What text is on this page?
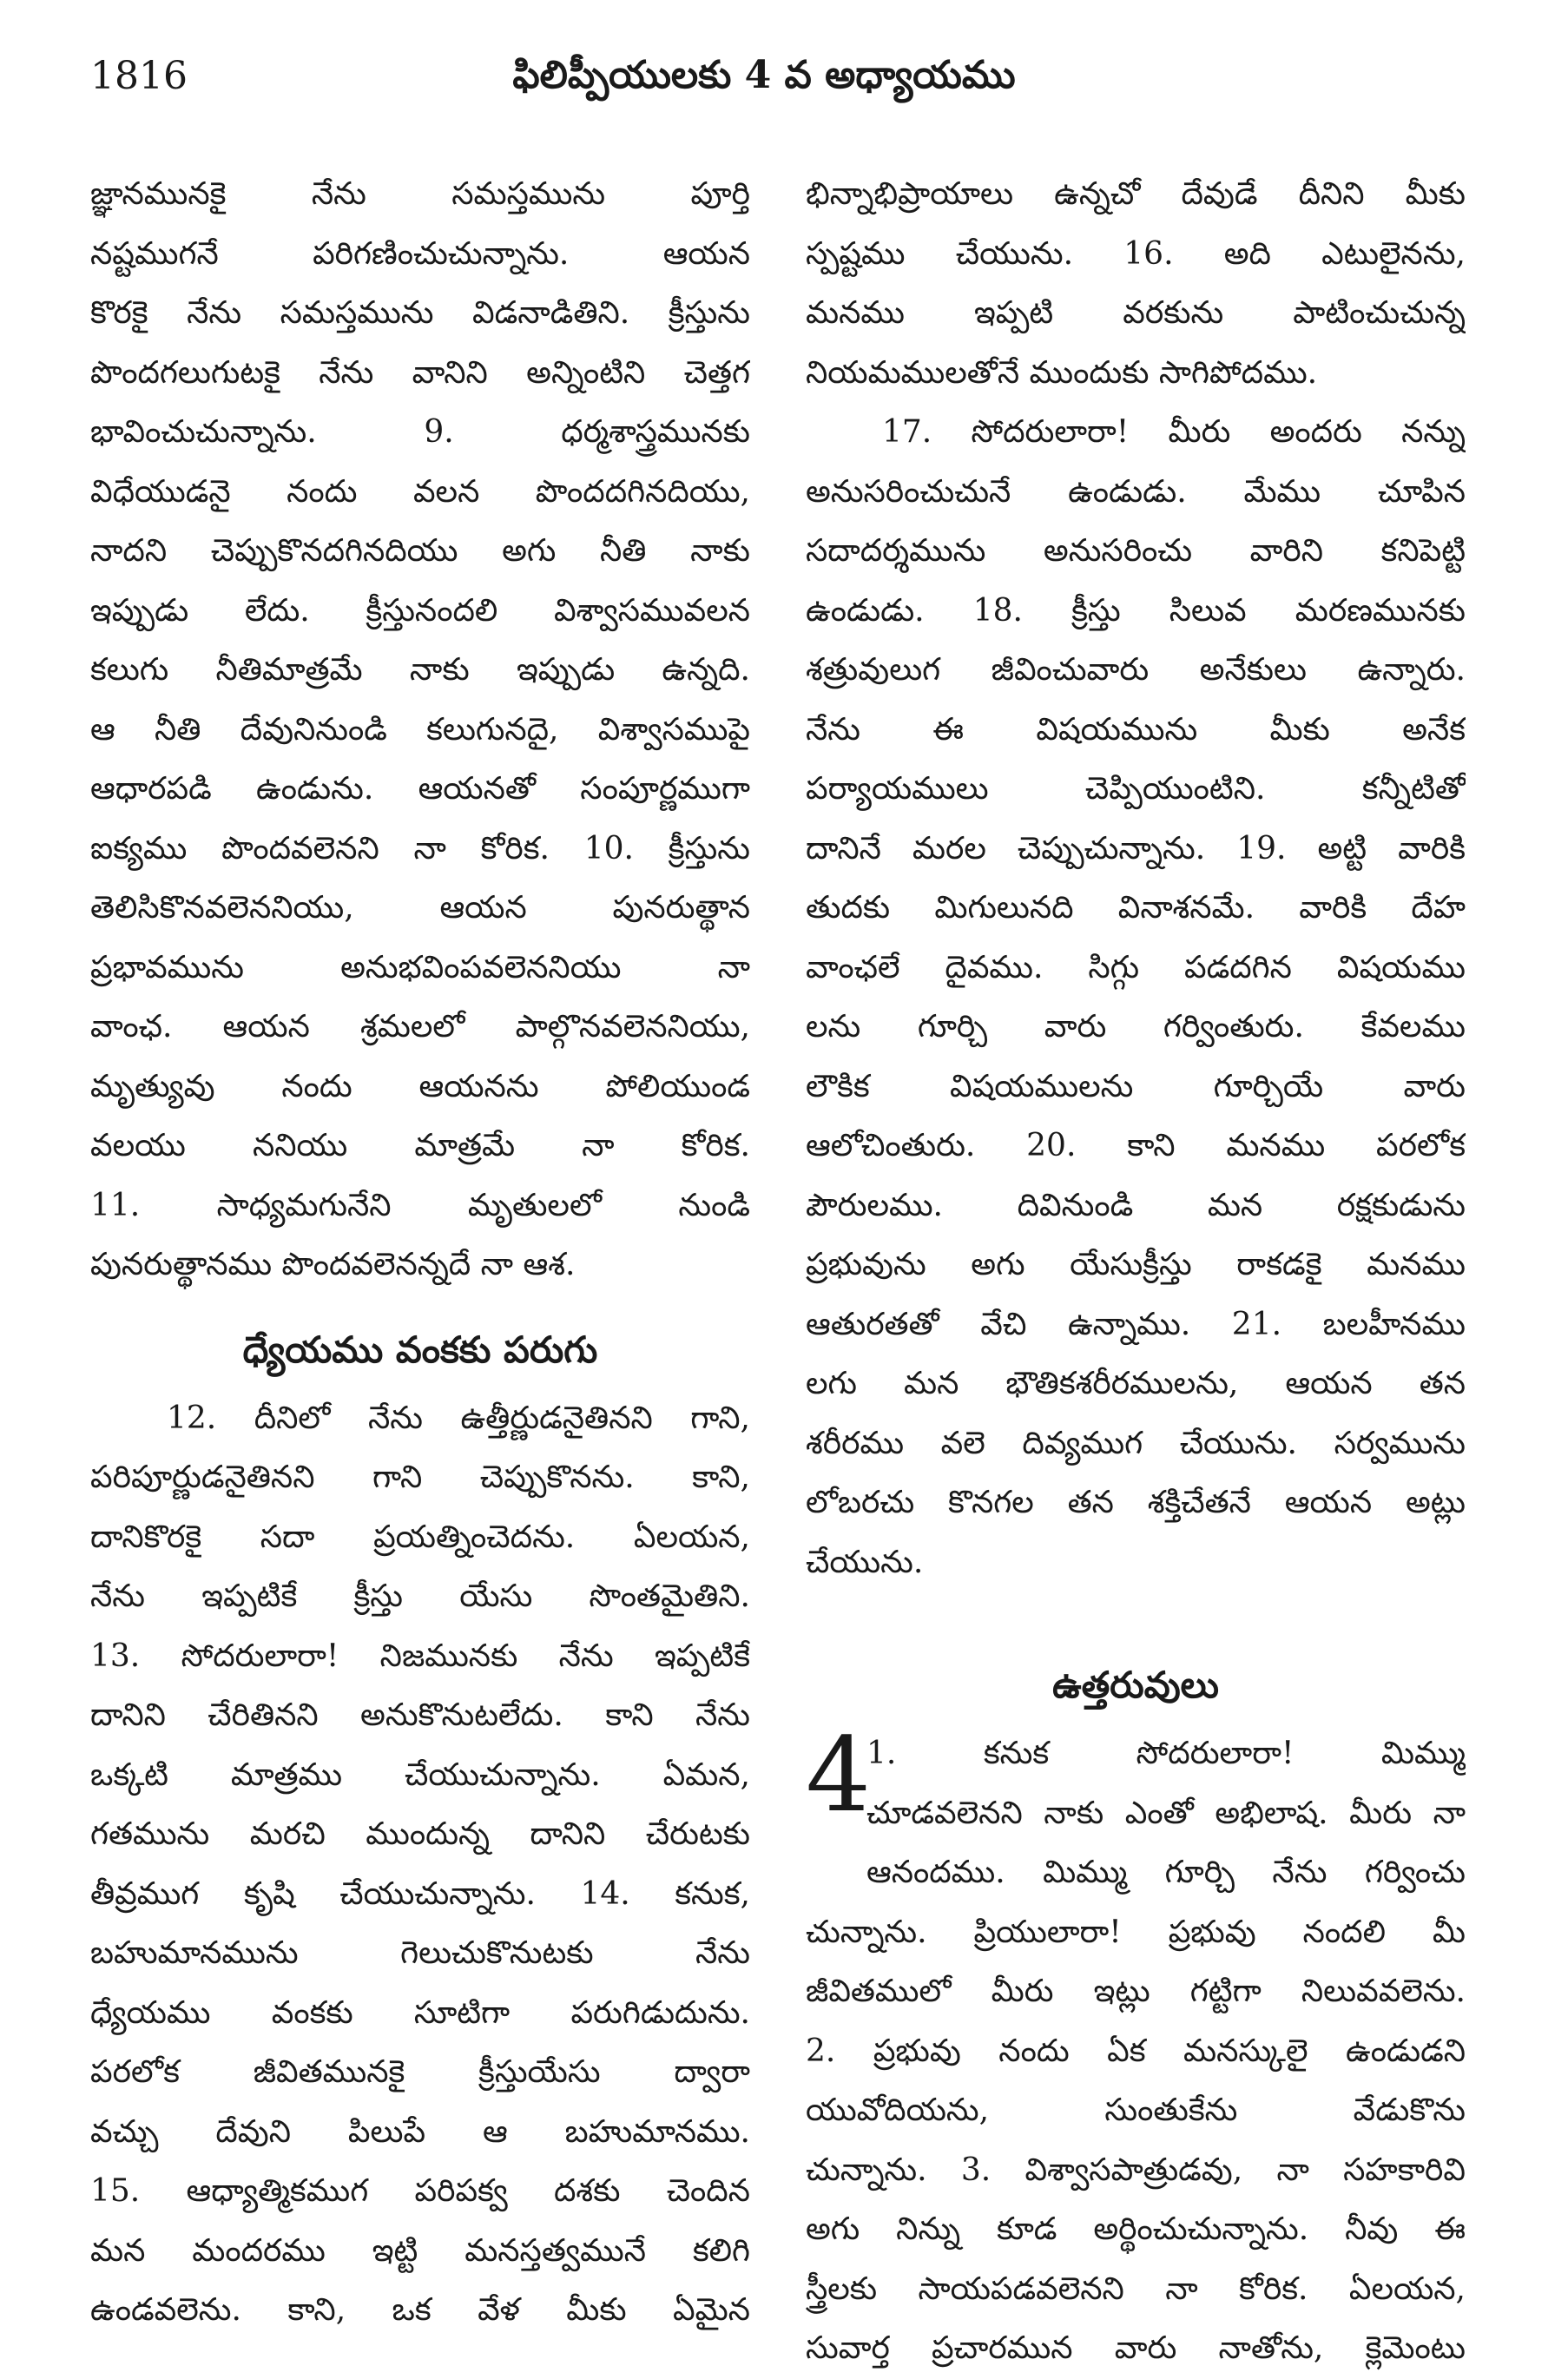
1816	ఫిలిప్పీయులకు 4 వ అధ్యాయము
జ్ఞానమునకై నేను సమస్తమును పూర్తి
నష్టముగనే పరిగణించుచున్నాను. ఆయన
కొరకై నేను సమస్తమును విడనాడితిని. క్రీస్తును
పొందగలుగుటకై నేను వానిని అన్నింటిని చెత్తగ
భావించుచున్నాను. 9. ధర్మశాస్త్రమునకు
విధేయుడనై నందు వలన పొందదగినదియు,
నాదని చెప్పుకొనదగినదియు అగు నీతి నాకు
ఇప్పుడు లేదు. క్రీస్తునందలి విశ్వాసమువలన
కలుగు నీతిమాత్రమే నాకు ఇప్పుడు ఉన్నది.
ఆ నీతి దేవునినుండి కలుగునదై, విశ్వాసముపై
ఆధారపడి ఉండును. ఆయనతో సంపూర్ణముగా
ఐక్యము పొందవలెనని నా కోరిక. 10. క్రీస్తును
తెలిసికొనవలెననియు, ఆయన పునరుత్థాన
ప్రభావమును అనుభవింపవలెననియు నా
వాంఛ. ఆయన శ్రమలలో పాల్గొనవలెననియు,
మృత్యువు నందు ఆయనను పోలియుండ
వలయు ననియు మాత్రమే నా కోరిక.
11. సాధ్యమగునేని మృతులలో నుండి
పునరుత్థానము పొందవలెనన్నదే నా ఆశ.
ధ్యేయము వంకకు పరుగు
12. దీనిలో నేను ఉత్తీర్ణుడనైతినని గాని,
పరిపూర్ణుడనైతినని గాని చెప్పుకొనను. కాని,
దానికొరకై సదా ప్రయత్నించెదను. ఏలయన,
నేను ఇప్పటికే క్రీస్తు యేసు సొంతమైతిని.
13. సోదరులారా! నిజమునకు నేను ఇప్పటికే
దానిని చేరితినని అనుకొనుటలేదు. కాని నేను
ఒక్కటి మాత్రము చేయుచున్నాను. ఏమన,
గతమును మరచి ముందున్న దానిని చేరుటకు
తీవ్రముగ కృషి చేయుచున్నాను. 14. కనుక,
బహుమానమును గెలుచుకొనుటకు నేను
ధ్యేయము వంకకు సూటిగా పరుగిడుదును.
పరలోక జీవితమునకై క్రీస్తుయేసు ద్వారా
వచ్చు దేవుని పిలుపే ఆ బహుమానము.
15. ఆధ్యాత్మికముగ పరిపక్వ దశకు చెందిన
మన మందరము ఇట్టి మనస్తత్వమునే కలిగి
ఉండవలెను. కాని, ఒక వేళ మీకు ఏమైన
భిన్నాభిప్రాయాలు ఉన్నచో దేవుడే దీనిని మీకు
స్పష్టము చేయును. 16. అది ఎటులైనను,
మనము ఇప్పటి వరకును పాటించుచున్న
నియమములతోనే ముందుకు సాగిపోదము.
17. సోదరులారా! మీరు అందరు నన్ను
అనుసరించుచునే ఉండుడు. మేము చూపిన
సదాదర్శమును అనుసరించు వారిని కనిపెట్టి
ఉండుడు. 18. క్రీస్తు సిలువ మరణమునకు
శత్రువులుగ జీవించువారు అనేకులు ఉన్నారు.
నేను ఈ విషయమును మీకు అనేక
పర్యాయములు చెప్పియుంటిని. కన్నీటితో
దానినే మరల చెప్పుచున్నాను. 19. అట్టి వారికి
తుదకు మిగులునది వినాశనమే. వారికి దేహ
వాంఛలే దైవము. సిగ్గు పడదగిన విషయము
లను గూర్చి వారు గర్వింతురు. కేవలము
లౌకిక విషయములను గూర్చియే వారు
ఆలోచింతురు. 20. కాని మనము పరలోక
పౌరులము. దివినుండి మన రక్షకుడును
ప్రభువును అగు యేసుక్రీస్తు రాకడకై మనము
ఆతురతతో వేచి ఉన్నాము. 21. బలహీనము
లగు మన భౌతికశరీరములను, ఆయన తన
శరీరము వలె దివ్యముగ చేయును. సర్వమును
లోబరచు కొనగల తన శక్తిచేతనే ఆయన అట్లు
చేయును.
ఉత్తరువులు
4
1. కనుక సోదరులారా! మిమ్ము
చూడవలెనని నాకు ఎంతో అభిలాష. మీరు నా
ఆనందము. మిమ్ము గూర్చి నేను గర్వించు
చున్నాను. ప్రియులారా! ప్రభువు నందలి మీ
జీవితములో మీరు ఇట్లు గట్టిగా నిలువవలెను.
2. ప్రభువు నందు ఏక మనస్కులై ఉండుడని
యువోదియను, సుంతుకేను వేడుకొను
చున్నాను. 3. విశ్వాసపాత్రుడవు, నా సహకారివి
అగు నిన్ను కూడ అర్థించుచున్నాను. నీవు ఈ
స్త్రీలకు సాయపడవలెనని నా కోరిక. ఏలయన,
సువార్త ప్రచారమున వారు నాతోను, క్లెమెంటు
